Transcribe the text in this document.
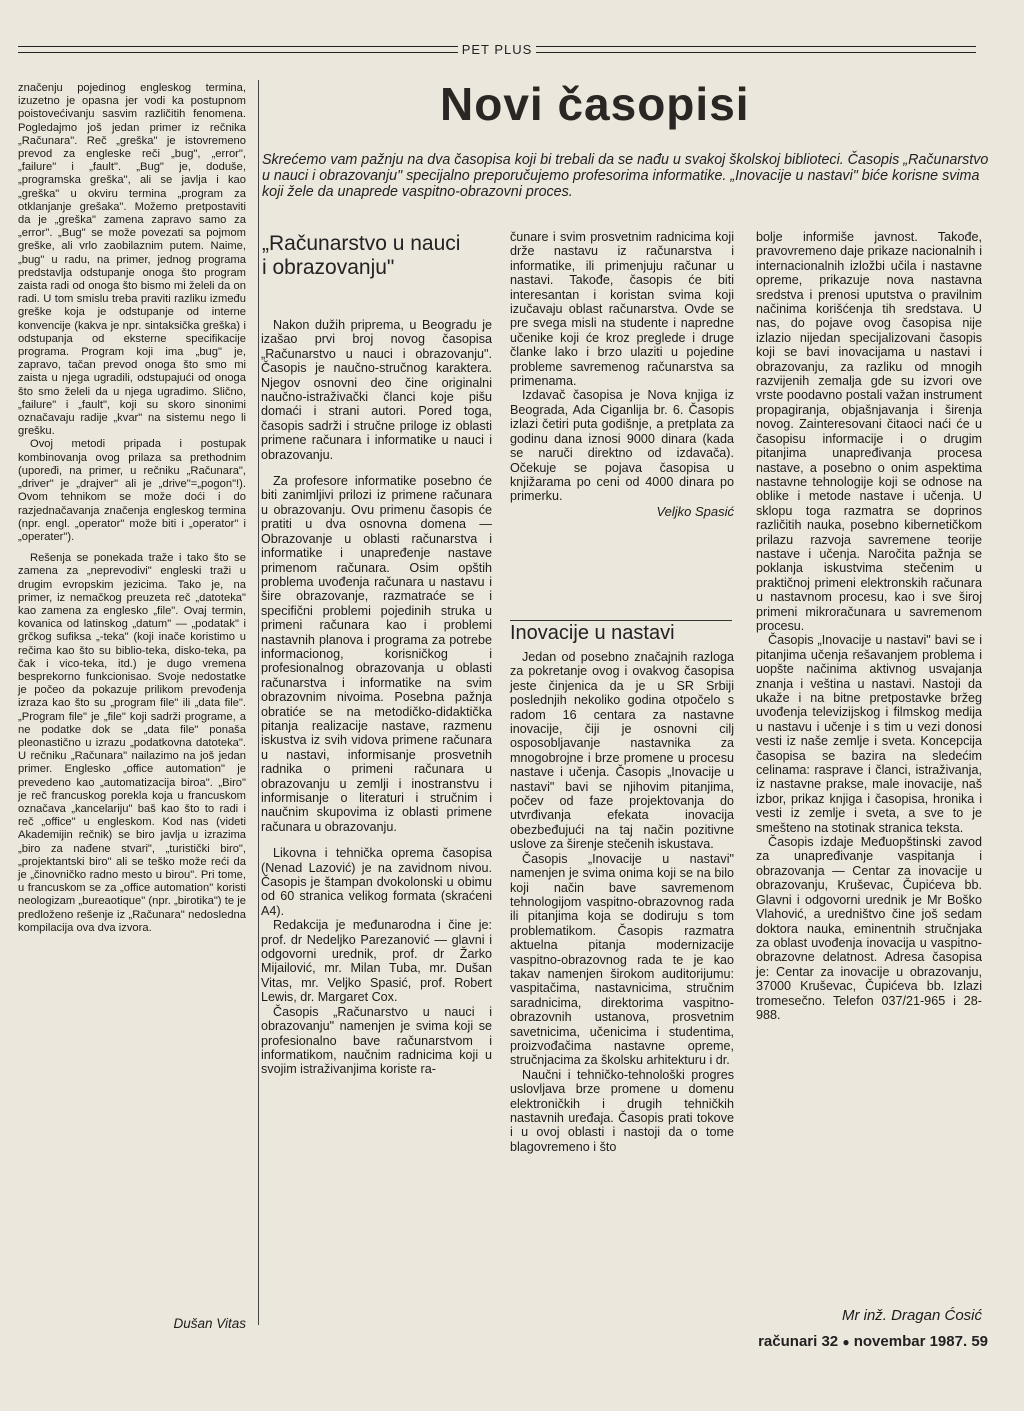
PET PLUS

značenju pojedinog engleskog termina, izuzetno je opasna jer vodi ka postupnom poistovećivanju sasvim različitih fenomena. Pogledajmo još jedan primer iz rečnika „Računara". Reč „greška" je istovremeno prevod za engleske reči „bug", „error", „failure" i „fault". „Bug" je, doduše, „programska greška", ali se javlja i kao „greška" u okviru termina „program za otklanjanje grešaka". Možemo pretpostaviti da je „greška" zamena zapravo samo za „error". „Bug" se može povezati sa pojmom greške, ali vrlo zaobilaznim putem. Naime, „bug" u radu, na primer, jednog programa predstavlja odstupanje onoga što program zaista radi od onoga što bismo mi želeli da on radi. U tom smislu treba praviti razliku između greške koja je odstupanje od interne konvencije (kakva je npr. sintaksička greška) i odstupanja od eksterne specifikacije programa. Program koji ima „bug" je, zapravo, tačan prevod onoga što smo mi zaista u njega ugradili, odstupajući od onoga što smo želeli da u njega ugradimo. Slično, „failure" i „fault", koji su skoro sinonimi označavaju radije „kvar" na sistemu nego li grešku.

Ovoj metodi pripada i postupak kombinovanja ovog prilaza sa prethodnim (upoređi, na primer, u rečniku „Računara", „driver" je „drajver" ali je „drive"=„pogon"!). Ovom tehnikom se može doći i do razjednačavanja značenja engleskog termina (npr. engl. „operator" može biti i „operator" i „operater").

Rešenja se ponekada traže i tako što se zamena za „neprevodivi" engleski traži u drugim evropskim jezicima. Tako je, na primer, iz nemačkog preuzeta reč „datoteka" kao zamena za englesko „file". Ovaj termin, kovanica od latinskog „datum" — „podatak" i grčkog sufiksa „-teka" (koji inače koristimo u rečima kao što su biblio-teka, disko-teka, pa čak i vico-teka, itd.) je dugo vremena besprekorno funkcionisao. Svoje nedostatke je počeo da pokazuje prilikom prevođenja izraza kao što su „program file" ili „data file". „Program file" je „file" koji sadrži programe, a ne podatke dok se „data file" ponaša pleonastično u izrazu „podatkovna datoteka". U rečniku „Računara" nailazimo na još jedan primer. Englesko „office automation" je prevedeno kao „automatizacija biroa". „Biro" je reč francuskog porekla koja u francuskom označava „kancelariju" baš kao što to radi i reč „office" u engleskom. Kod nas (videti Akademijin rečnik) se biro javlja u izrazima „biro za nađene stvari", „turistički biro", „projektantski biro" ali se teško može reći da je „činovničko radno mesto u birou". Pri tome, u francuskom se za „office automation" koristi neologizam „bureaotique" (npr. „birotika") te je predloženo rešenje iz „Računara" nedosledna kompilacija ova dva izvora.

Dušan Vitas
Novi časopisi
Skrećemo vam pažnju na dva časopisa koji bi trebali da se nađu u svakoj školskoj biblioteci. Časopis „Računarstvo u nauci i obrazovanju" specijalno preporučujemo profesorima informatike. „Inovacije u nastavi" biće korisne svima koji žele da unaprede vaspitno-obrazovni proces.
„Računarstvo u nauci i obrazovanju"

Nakon dužih priprema, u Beogradu je izašao prvi broj novog časopisa „Računarstvo u nauci i obrazovanju". Časopis je naučno-stručnog karaktera. Njegov osnovni deo čine originalni naučno-istraživački članci koje pišu domaći i strani autori. Pored toga, časopis sadrži i stručne priloge iz oblasti primene računara i informatike u nauci i obrazovanju.

Za profesore informatike posebno će biti zanimljivi prilozi iz primene računara u obrazovanju. Ovu primenu časopis će pratiti u dva osnovna domena — Obrazovanje u oblasti računarstva i informatike i unapređenje nastave primenom računara. Osim opštih problema uvođenja računara u nastavu i šire obrazovanje, razmatraće se i specifični problemi pojedinih struka u primeni računara kao i problemi nastavnih planova i programa za potrebe informacionog, korisničkog i profesionalnog obrazovanja u oblasti računarstva i informatike na svim obrazovnim nivoima. Posebna pažnja obratiće se na metodičko-didaktička pitanja realizacije nastave, razmenu iskustva iz svih vidova primene računara u nastavi, informisanje prosvetnih radnika o primeni računara u obrazovanju u zemlji i inostranstvu i informisanje o literaturi i stručnim i naučnim skupovima iz oblasti primene računara u obrazovanju.

Likovna i tehnička oprema časopisa (Nenad Lazović) je na zavidnom nivou. Časopis je štampan dvokolonski u obimu od 60 stranica velikog formata (skraćeni A4).

Redakcija je međunarodna i čine je: prof. dr Nedeljko Parezanović — glavni i odgovorni urednik, prof. dr Žarko Mijailović, mr. Milan Tuba, mr. Dušan Vitas, mr. Veljko Spasić, prof. Robert Lewis, dr. Margaret Cox.

Časopis „Računarstvo u nauci i obrazovanju" namenjen je svima koji se profesionalno bave računarstvom i informatikom, naučnim radnicima koji u svojim istraživanjima koriste ra-

čunare i svim prosvetnim radnicima koji drže nastavu iz računarstva i informatike, ili primenjuju računar u nastavi. Takođe, časopis će biti interesantan i koristan svima koji izučavaju oblast računarstva. Ovde se pre svega misli na studente i napredne učenike koji će kroz preglede i druge članke lako i brzo ulaziti u pojedine probleme savremenog računarstva sa primenama.

Izdavač časopisa je Nova knjiga iz Beograda, Ada Ciganlija br. 6. Časopis izlazi četiri puta godišnje, a pretplata za godinu dana iznosi 9000 dinara (kada se naruči direktno od izdavača). Očekuje se pojava časopisa u knjižarama po ceni od 4000 dinara po primerku.

Veljko Spasić
Inovacije u nastavi

Jedan od posebno značajnih razloga za pokretanje ovog i ovakvog časopisa jeste činjenica da je u SR Srbiji poslednjih nekoliko godina otpočelo s radom 16 centara za nastavne inovacije, čiji je osnovni cilj osposobljavanje nastavnika za mnogobrojne i brze promene u procesu nastave i učenja. Časopis „Inovacije u nastavi" bavi se njihovim pitanjima, počev od faze projektovanja do utvrđivanja efekata inovacija obezbeđujući na taj način pozitivne uslove za širenje stečenih iskustava.

Časopis „Inovacije u nastavi" namenjen je svima onima koji se na bilo koji način bave savremenom tehnologijom vaspitno-obrazovnog rada ili pitanjima koja se dodiruju s tom problematikom. Časopis razmatra aktuelna pitanja modernizacije vaspitno-obrazovnog rada te je kao takav namenjen širokom auditorijumu: vaspitačima, nastavnicima, stručnim saradnicima, direktorima vaspitno-obrazovnih ustanova, prosvetnim savetnicima, učenicima i studentima, proizvođačima nastavne opreme, stručnjacima za školsku arhitekturu i dr.

Naučni i tehničko-tehnološki progres uslovljava brze promene u domenu elektroničkih i drugih tehničkih nastavnih uređaja. Časopis prati tokove i u ovoj oblasti i nastoji da o tome blagovremeno i što

bolje informiše javnost. Takođe, pravovremeno daje prikaze nacionalnih i internacionalnih izložbi učila i nastavne opreme, prikazuje nova nastavna sredstva i prenosi uputstva o pravilnim načinima korišćenja tih sredstava. U nas, do pojave ovog časopisa nije izlazio nijedan specijalizovani časopis koji se bavi inovacijama u nastavi i obrazovanju, za razliku od mnogih razvijenih zemalja gde su izvori ove vrste poodavno postali važan instrument propagiranja, objašnjavanja i širenja novog. Zainteresovani čitaoci naći će u časopisu informacije i o drugim pitanjima unapređivanja procesa nastave, a posebno o onim aspektima nastavne tehnologije koji se odnose na oblike i metode nastave i učenja. U sklopu toga razmatra se doprinos različitih nauka, posebno kibernetičkom prilazu razvoja savremene teorije nastave i učenja. Naročita pažnja se poklanja iskustvima stečenim u praktičnoj primeni elektronskih računara u nastavnom procesu, kao i sve široj primeni mikroračunara u savremenom procesu.

Časopis „Inovacije u nastavi" bavi se i pitanjima učenja rešavanjem problema i uopšte načinima aktivnog usvajanja znanja i veština u nastavi. Nastoji da ukaže i na bitne pretpostavke bržeg uvođenja televizijskog i filmskog medija u nastavu i učenje i s tim u vezi donosi vesti iz naše zemlje i sveta. Koncepcija časopisa se bazira na sledećim celinama: rasprave i članci, istraživanja, iz nastavne prakse, male inovacije, naš izbor, prikaz knjiga i časopisa, hronika i vesti iz zemlje i sveta, a sve to je smešteno na stotinak stranica teksta.

Časopis izdaje Međuopštinski zavod za unapređivanje vaspitanja i obrazovanja — Centar za inovacije u obrazovanju, Kruševac, Čupićeva bb. Glavni i odgovorni urednik je Mr Boško Vlahović, a uredništvo čine još sedam doktora nauka, eminentnih stručnjaka za oblast uvođenja inovacija u vaspitno-obrazovne delatnost. Adresa časopisa je: Centar za inovacije u obrazovanju, 37000 Kruševac, Čupićeva bb. Izlazi tromesečno. Telefon 037/21-965 i 28-988.

Mr inž. Dragan Ćosić
računari 32 ● novembar 1987. 59
